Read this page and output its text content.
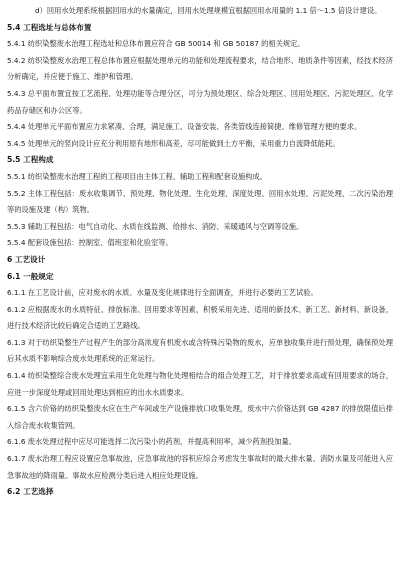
d）回用水处理系统根据回用水的水量确定，回用水处理规模宜根据回用水用量的 1.1 倍～1.5 倍设计建设。

5.4 工程选址与总体布置

5.4.1 纺织染整废水治理工程选址和总体布置应符合 GB 50014 和 GB 50187 的相关规定。

5.4.2 纺织染整废水治理工程总体布置应根据处理单元的功能和处理流程要求，结合地形、地质条件等因素，经技术经济分析确定，并应便于施工、维护和管理。

5.4.3 总平面布置宜按工艺流程、处理功能等合理分区，可分为预处理区、综合处理区、回用处理区、污泥处理区、化学药品存储区和办公区等。

5.4.4 处理单元平面布置应力求紧凑、合理，满足施工、设备安装、各类管线连接简捷、维修管理方便的要求。

5.4.5 处理单元的竖向设计应充分利用原有地形和高差，尽可能做到土方平衡，采用重力自流降低能耗。

5.5 工程构成

5.5.1 纺织染整废水治理工程的工程项目由主体工程、辅助工程和配套设施构成。

5.5.2 主体工程包括：废水收集调节、预处理、物化处理、生化处理、深度处理、回用水处理、污泥处理、二次污染治理等的设施及建（构）筑物。

5.5.3 辅助工程包括：电气自动化、水质在线监测、给排水、消防、采暖通风与空调等设施。

5.5.4 配套设施包括：控制室、值班室和化验室等。

6 工艺设计

6.1 一般规定

6.1.1 在工艺设计前，应对废水的水质、水量及变化规律进行全面调查，并进行必要的工艺试验。

6.1.2 应根据废水的水质特征、排放标准、回用要求等因素，积极采用先进、适用的新技术、新工艺、新材料、新设备，进行技术经济比较后确定合适的工艺路线。

6.1.3 对于纺织染整生产过程产生的部分高浓度有机废水或含特殊污染物的废水，应单独收集并进行预处理，确保预处理后其水质不影响综合废水处理系统的正常运行。

6.1.4 纺织染整综合废水处理宜采用生化处理与物化处理相结合的组合处理工艺，对于排放要求高或有回用要求的场合，应进一步深度处理或回用处理达到相应的出水水质要求。

6.1.5 含六价铬的纺织染整废水应在生产车间或生产设施排放口收集处理，废水中六价铬达到 GB 4287 的排放限值后排入综合废水收集管网。

6.1.6 废水处理过程中应尽可能选择二次污染小的药剂，并提高利用率，减少药剂投加量。

6.1.7 废水治理工程应设置应急事故池，应急事故池的容积应综合考虑发生事故时的最大排水量、消防水量及可能进入应急事故池的降雨量。事故水应检测分类后进入相应处理设施。

6.2 工艺选择
